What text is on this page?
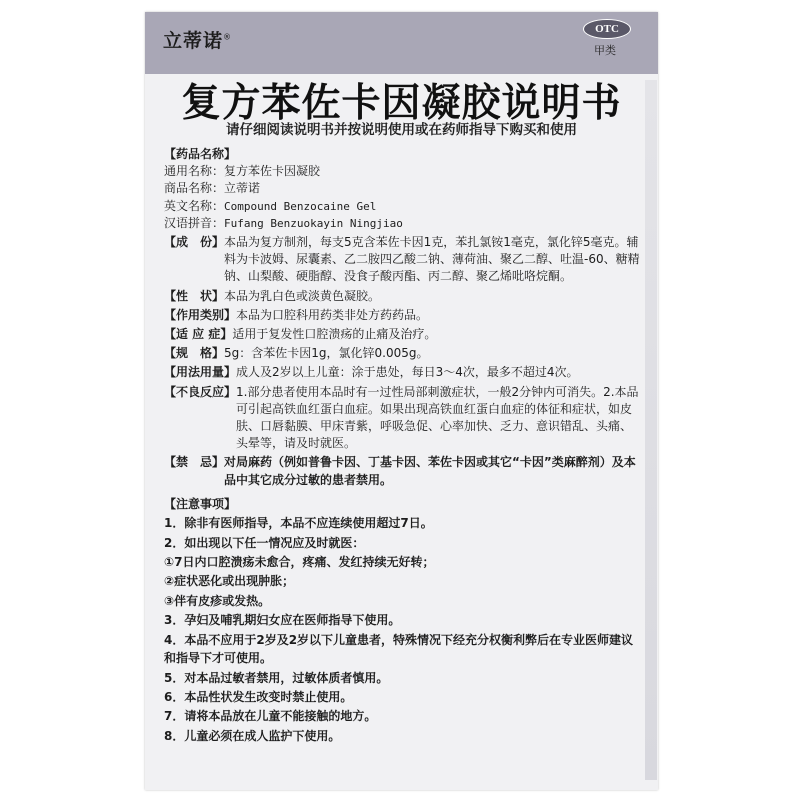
立蒂诺®
OTC
甲类
复方苯佐卡因凝胶说明书
请仔细阅读说明书并按说明使用或在药师指导下购买和使用
【药品名称】
通用名称：复方苯佐卡因凝胶
商品名称：立蒂诺
英文名称：Compound Benzocaine Gel
汉语拼音：Fufang Benzuokayin Ningjiao
【成　份】 本品为复方制剂，每支5克含苯佐卡因1克，苯扎氯铵1毫克，氯化锌5毫克。辅料为卡波姆、尿囊素、乙二胺四乙酸二钠、薄荷油、聚乙二醇、吐温-60、糖精钠、山梨酸、硬脂醇、没食子酸丙酯、丙二醇、聚乙烯吡咯烷酮。
【性　状】 本品为乳白色或淡黄色凝胶。
【作用类别】 本品为口腔科用药类非处方药药品。
【适 应 症】 适用于复发性口腔溃疡的止痛及治疗。
【规　格】 5g：含苯佐卡因1g，氯化锌0.005g。
【用法用量】 成人及2岁以上儿童：涂于患处，每日3～4次，最多不超过4次。
【不良反应】 1.部分患者使用本品时有一过性局部刺激症状，一般2分钟内可消失。2.本品可引起高铁血红蛋白血症。如果出现高铁血红蛋白血症的体征和症状，如皮肤、口唇黏膜、甲床青紫，呼吸急促、心率加快、乏力、意识错乱、头痛、头晕等，请及时就医。
【禁　忌】 对局麻药（例如普鲁卡因、丁基卡因、苯佐卡因或其它“卡因”类麻醉剂）及本品中其它成分过敏的患者禁用。
【注意事项】
1．除非有医师指导，本品不应连续使用超过7日。
2．如出现以下任一情况应及时就医：
①7日内口腔溃疡未愈合，疼痛、发红持续无好转；
②症状恶化或出现肿胀；
③伴有皮疹或发热。
3．孕妇及哺乳期妇女应在医师指导下使用。
4．本品不应用于2岁及2岁以下儿童患者，特殊情况下经充分权衡利弊后在专业医师建议和指导下才可使用。
5．对本品过敏者禁用，过敏体质者慎用。
6．本品性状发生改变时禁止使用。
7．请将本品放在儿童不能接触的地方。
8．儿童必须在成人监护下使用。
